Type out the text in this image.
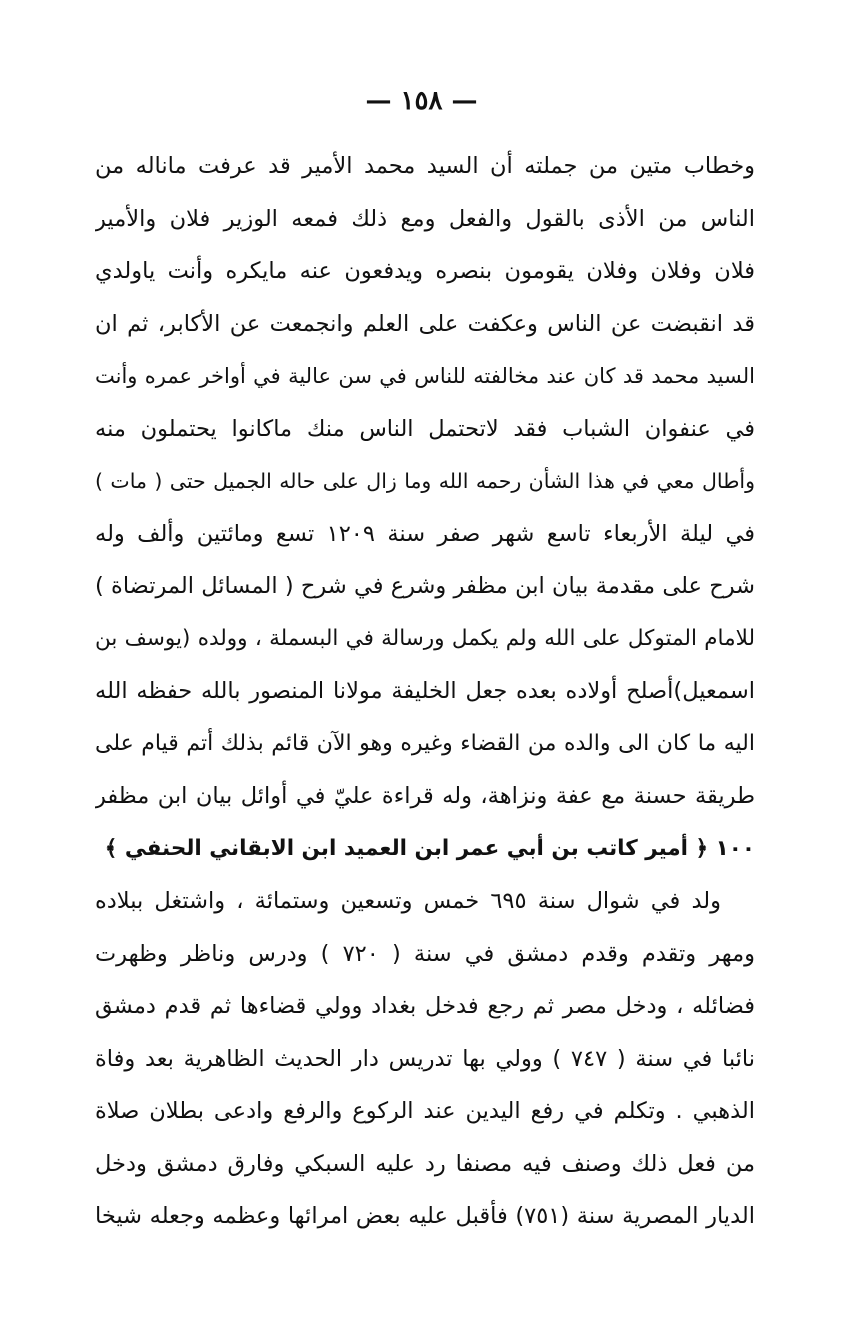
— ١٥٨ —
وخطاب متين من جملته أن السيد محمد الأمير قد عرفت ماناله من
الناس من الأذى بالقول والفعل ومع ذلك فمعه الوزير فلان والأمير
فلان وفلان وفلان يقومون بنصره ويدفعون عنه مايكره وأنت ياولدي
قد انقبضت عن الناس وعكفت على العلم وانجمعت عن الأكابر، ثم ان
السيد محمد قد كان عند مخالفته للناس في سن عالية في أواخر عمره وأنت
في عنفوان الشباب فقد لاتحتمل الناس منك ماكانوا يحتملون منه
وأطال معي في هذا الشأن رحمه الله وما زال على حاله الجميل حتى ( مات )
في ليلة الأربعاء تاسع شهر صفر سنة ١٢٠٩ تسع ومائتين وألف وله
شرح على مقدمة بيان ابن مظفر وشرع في شرح ( المسائل المرتضاة )
للامام المتوكل على الله ولم يكمل ورسالة في البسملة ، وولده (يوسف بن
اسمعيل)أصلح أولاده بعده جعل الخليفة مولانا المنصور بالله حفظه الله
اليه ما كان الى والده من القضاء وغيره وهو الآن قائم بذلك أتم قيام على
طريقة حسنة مع عفة ونزاهة، وله قراءة عليّ في أوائل بيان ابن مظفر
١٠٠ ﴿ أمير كاتب بن أبي عمر ابن العميد ابن الابقاني الحنفي ﴾
ولد في شوال سنة ٦٩٥ خمس وتسعين وستمائة ، واشتغل ببلاده
ومهر وتقدم وقدم دمشق في سنة ( ٧٢٠ ) ودرس وناظر وظهرت
فضائله ، ودخل مصر ثم رجع فدخل بغداد وولي قضاءها ثم قدم دمشق
نائبا في سنة ( ٧٤٧ ) وولي بها تدريس دار الحديث الظاهرية بعد وفاة
الذهبي . وتكلم في رفع اليدين عند الركوع والرفع وادعى بطلان صلاة
من فعل ذلك وصنف فيه مصنفا رد عليه السبكي وفارق دمشق ودخل
الديار المصرية سنة (٧٥١) فأقبل عليه بعض امرائها وعظمه وجعله شيخا
